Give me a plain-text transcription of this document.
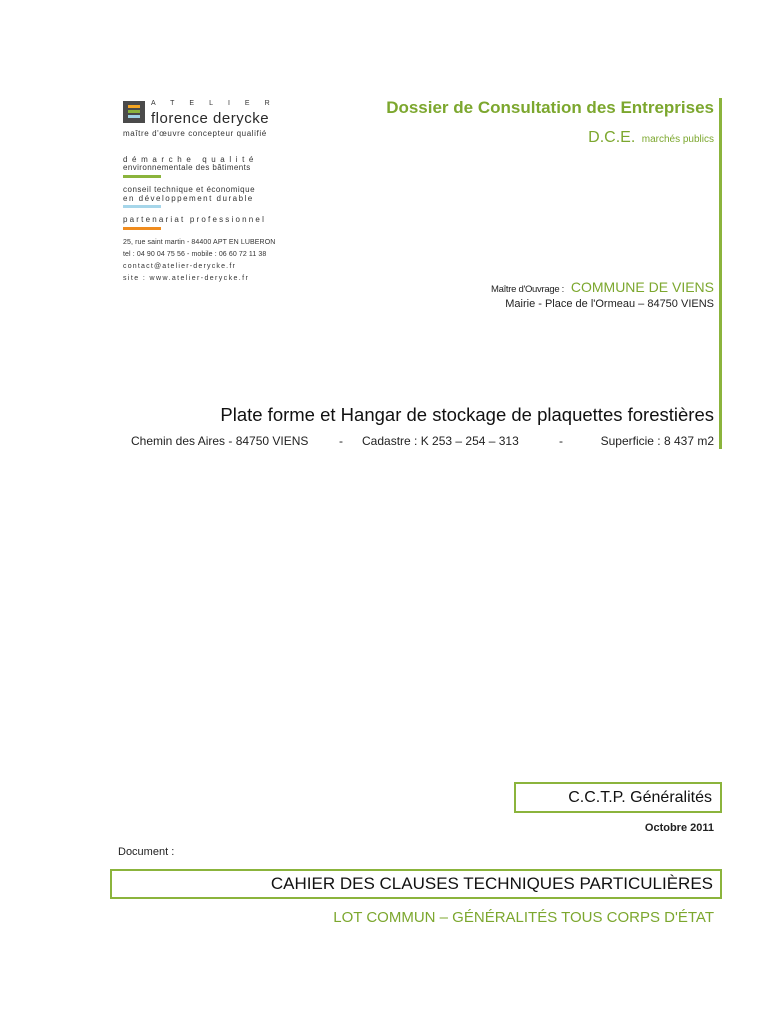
ATELIER
florence derycke
maître d'œuvre concepteur qualifié
démarche qualité
environnementale des bâtiments
conseil technique et économique
en développement durable
partenariat professionnel
25, rue saint martin - 84400 APT EN LUBERON
tel : 04 90 04 75 56 - mobile : 06 60 72 11 38
contact@atelier-derycke.fr
site : www.atelier-derycke.fr
Dossier de Consultation des Entreprises
D.C.E. marchés publics
Maître d'Ouvrage : COMMUNE DE VIENS
Mairie - Place de l'Ormeau – 84750 VIENS
Plate forme et Hangar de stockage de plaquettes forestières
Chemin des Aires - 84750 VIENS	- Cadastre : K 253 – 254 – 313	-	Superficie : 8 437 m2
C.C.T.P. Généralités
Octobre 2011
Document :
CAHIER DES CLAUSES TECHNIQUES PARTICULIÈRES
LOT COMMUN – GÉNÉRALITÉS TOUS CORPS D'ÉTAT
